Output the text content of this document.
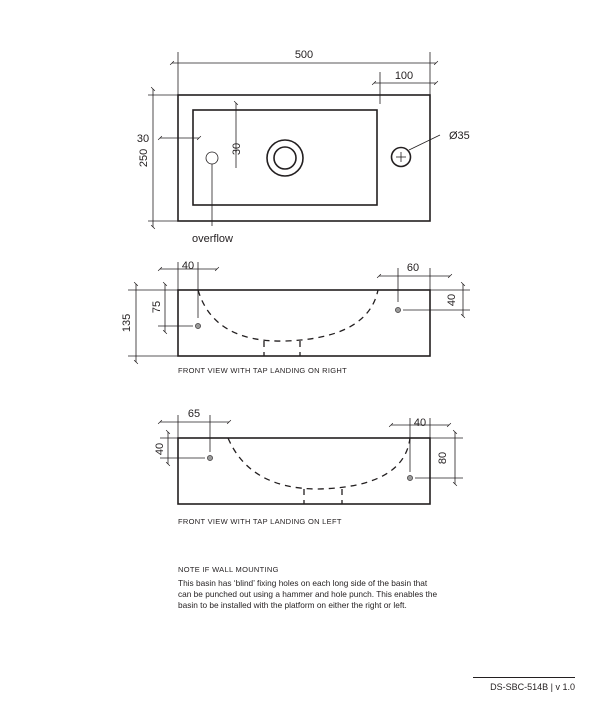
500
100
250
30
30
Ø35
overflow
40	60
135
75
40
FRONT VIEW WITH TAP LANDING ON RIGHT
65
40
40
80
FRONT VIEW WITH TAP LANDING ON LEFT
NOTE IF WALL MOUNTING
This basin has ‘blind’ fixing holes on each long side of the basin that can be punched out using a hammer and hole punch. This enables the basin to be installed with the platform on either the right or left.
DS-SBC-514B | v 1.0
